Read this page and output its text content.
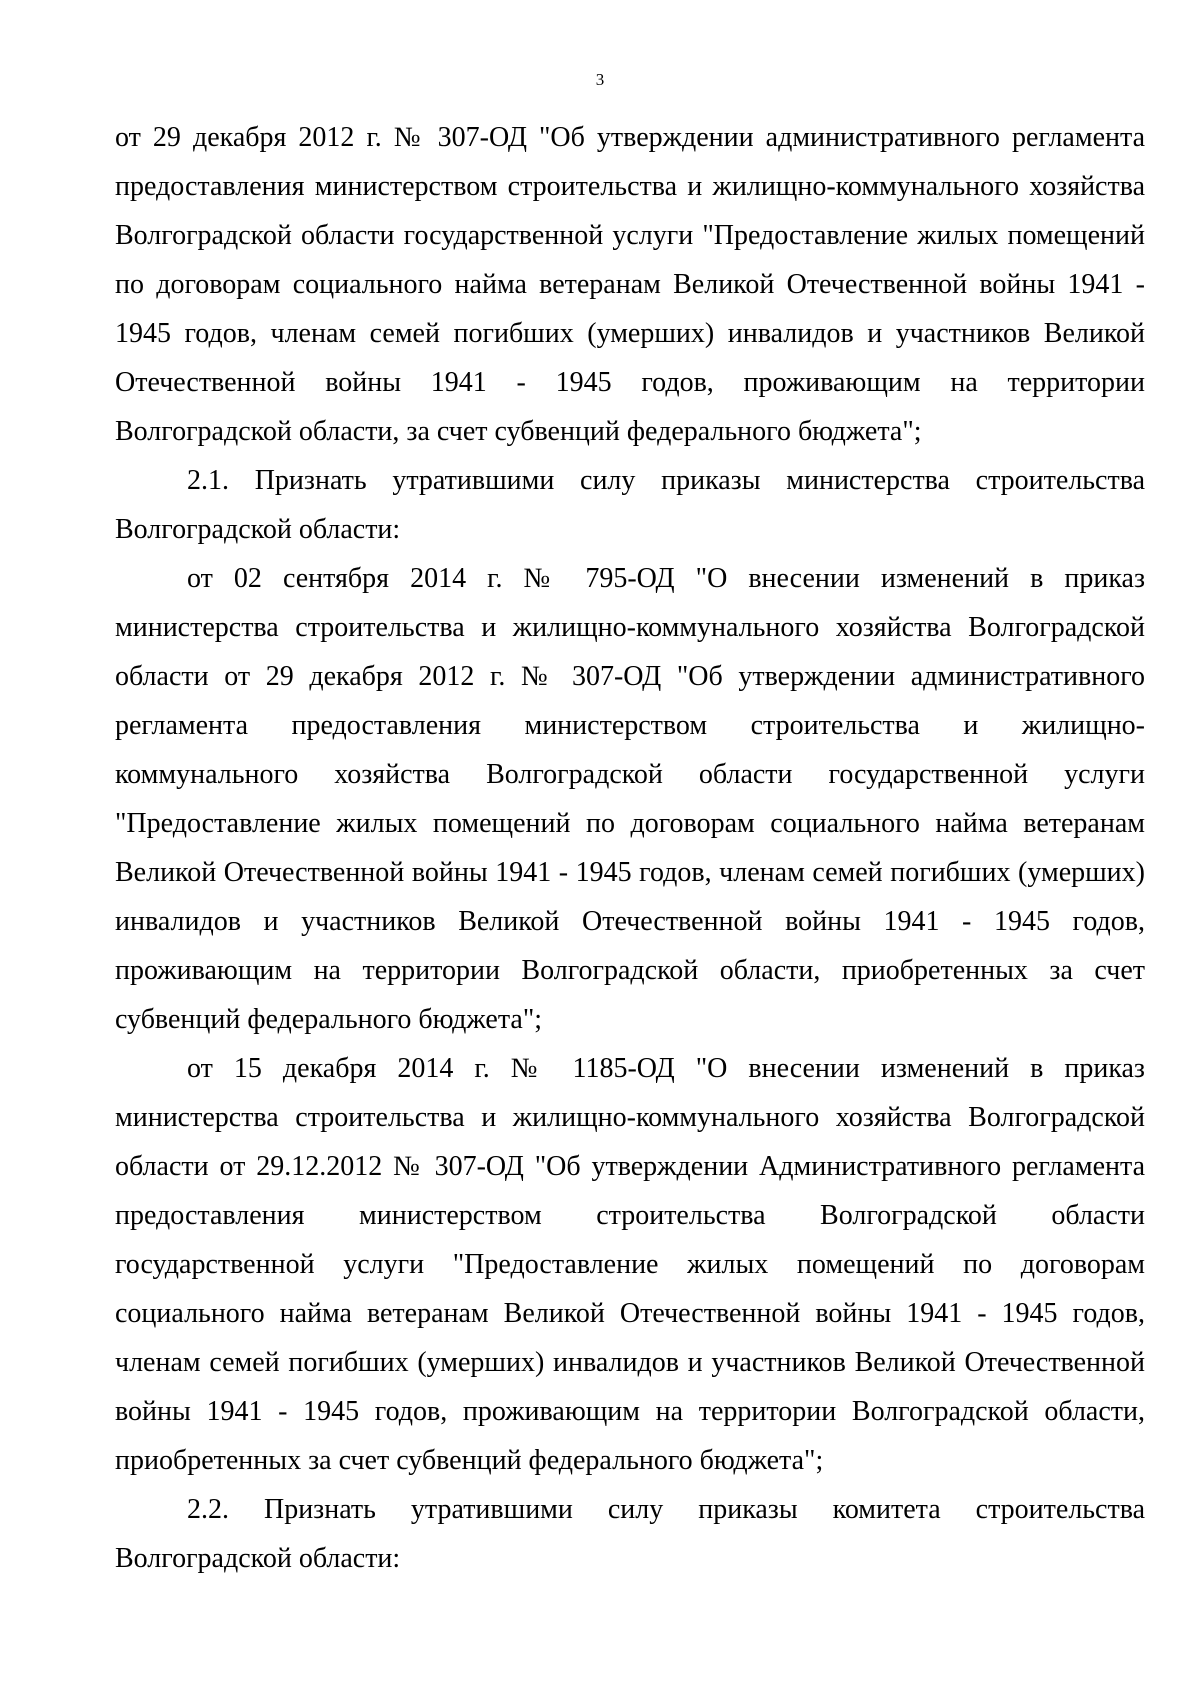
3

от 29 декабря 2012 г. № 307-ОД "Об утверждении административного регламента предоставления министерством строительства и жилищно-коммунального хозяйства Волгоградской области государственной услуги "Предоставление жилых помещений по договорам социального найма ветеранам Великой Отечественной войны 1941 - 1945 годов, членам семей погибших (умерших) инвалидов и участников Великой Отечественной войны 1941 - 1945 годов, проживающим на территории Волгоградской области, за счет субвенций федерального бюджета";

2.1. Признать утратившими силу приказы министерства строительства Волгоградской области:

от 02 сентября 2014 г. № 795-ОД "О внесении изменений в приказ министерства строительства и жилищно-коммунального хозяйства Волгоградской области от 29 декабря 2012 г. № 307-ОД "Об утверждении административного регламента предоставления министерством строительства и жилищно-коммунального хозяйства Волгоградской области государственной услуги "Предоставление жилых помещений по договорам социального найма ветеранам Великой Отечественной войны 1941 - 1945 годов, членам семей погибших (умерших) инвалидов и участников Великой Отечественной войны 1941 - 1945 годов, проживающим на территории Волгоградской области, приобретенных за счет субвенций федерального бюджета";

от 15 декабря 2014 г. № 1185-ОД "О внесении изменений в приказ министерства строительства и жилищно-коммунального хозяйства Волгоградской области от 29.12.2012 № 307-ОД "Об утверждении Административного регламента предоставления министерством строительства Волгоградской области государственной услуги "Предоставление жилых помещений по договорам социального найма ветеранам Великой Отечественной войны 1941 - 1945 годов, членам семей погибших (умерших) инвалидов и участников Великой Отечественной войны 1941 - 1945 годов, проживающим на территории Волгоградской области, приобретенных за счет субвенций федерального бюджета";

2.2. Признать утратившими силу приказы комитета строительства Волгоградской области:
